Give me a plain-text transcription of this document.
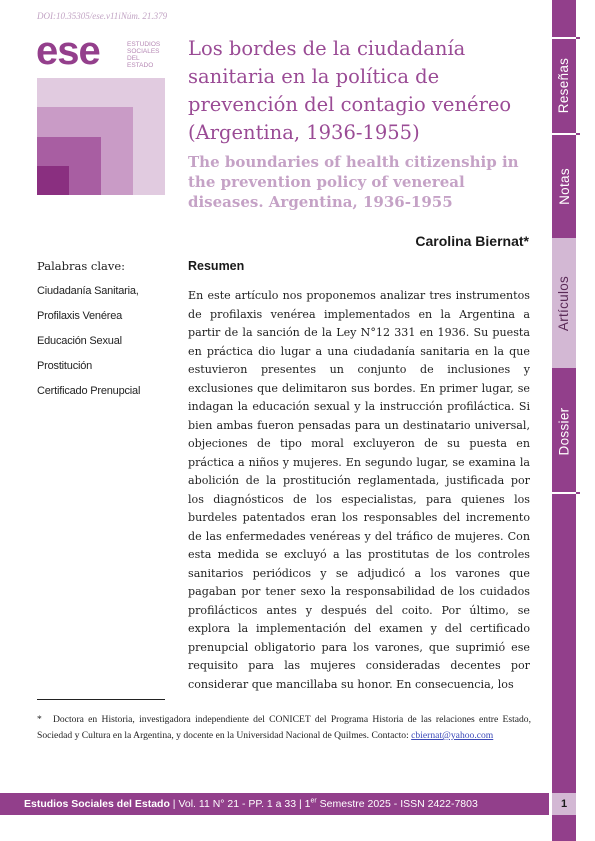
DOI:10.35305/ese.v11iNúm. 21.379
ese	ESTUDIOS
SOCIALES
DEL
ESTADO
Los bordes de la ciudadanía sanitaria en la política de prevención del contagio venéreo (Argentina, 1936-1955)
The boundaries of health citizenship in the prevention policy of venereal diseases. Argentina, 1936-1955
Carolina Biernat*
Palabras clave:
Ciudadanía Sanitaria,
Profilaxis Venérea
Educación Sexual
Prostitución
Certificado Prenupcial
Resumen

En este artículo nos proponemos analizar tres instrumentos de profilaxis venérea implementados en la Argentina a partir de la sanción de la Ley N°12 331 en 1936. Su puesta en práctica dio lugar a una ciudadanía sanitaria en la que estuvieron presentes un conjunto de inclusiones y exclusiones que delimitaron sus bordes. En primer lugar, se indagan la educación sexual y la instrucción profiláctica. Si bien ambas fueron pensadas para un destinatario universal, objeciones de tipo moral excluyeron de su puesta en práctica a niños y mujeres. En segundo lugar, se examina la abolición de la prostitución reglamentada, justificada por los diagnósticos de los especialistas, para quienes los burdeles patentados eran los responsables del incremento de las enfermedades venéreas y del tráfico de mujeres. Con esta medida se excluyó a las prostitutas de los controles sanitarios periódicos y se adjudicó a los varones que pagaban por tener sexo la responsabilidad de los cuidados profilácticos antes y después del coito. Por último, se explora la implementación del examen y del certificado prenupcial obligatorio para los varones, que suprimió ese requisito para las mujeres consideradas decentes por considerar que mancillaba su honor. En consecuencia, los

* Doctora en Historia, investigadora independiente del CONICET del Programa Historia de las relaciones entre Estado, Sociedad y Cultura en la Argentina, y docente en la Universidad Nacional de Quilmes. Contacto: cbiernat@yahoo.com
Estudios Sociales del Estado | Vol. 11 N° 21 - PP. 1 a 33 | 1er Semestre 2025 - ISSN 2422-7803
Reseñas
Notas
Artículos
Dossier
1
